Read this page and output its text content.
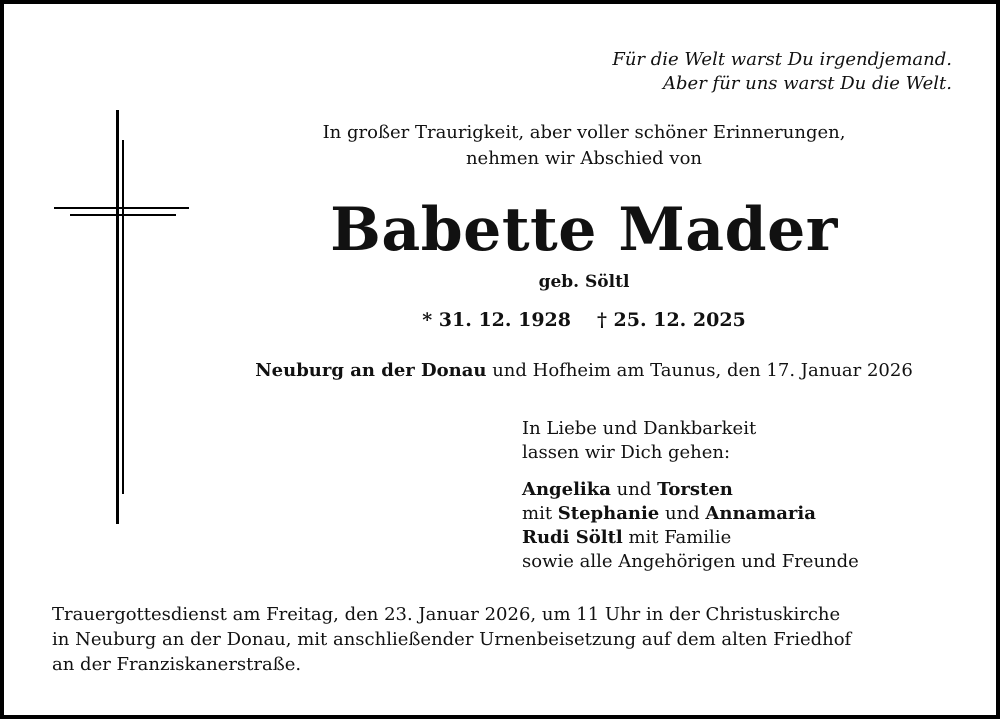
Für die Welt warst Du irgendjemand.
Aber für uns warst Du die Welt.
In großer Traurigkeit, aber voller schöner Erinnerungen,
nehmen wir Abschied von
Babette Mader
geb. Söltl
* 31. 12. 1928 † 25. 12. 2025
Neuburg an der Donau und Hofheim am Taunus, den 17. Januar 2026
In Liebe und Dankbarkeit
lassen wir Dich gehen:
Angelika und Torsten
mit Stephanie und Annamaria
Rudi Söltl mit Familie
sowie alle Angehörigen und Freunde
Trauergottesdienst am Freitag, den 23. Januar 2026, um 11 Uhr in der Christuskirche
in Neuburg an der Donau, mit anschließender Urnenbeisetzung auf dem alten Friedhof
an der Franziskanerstraße.
